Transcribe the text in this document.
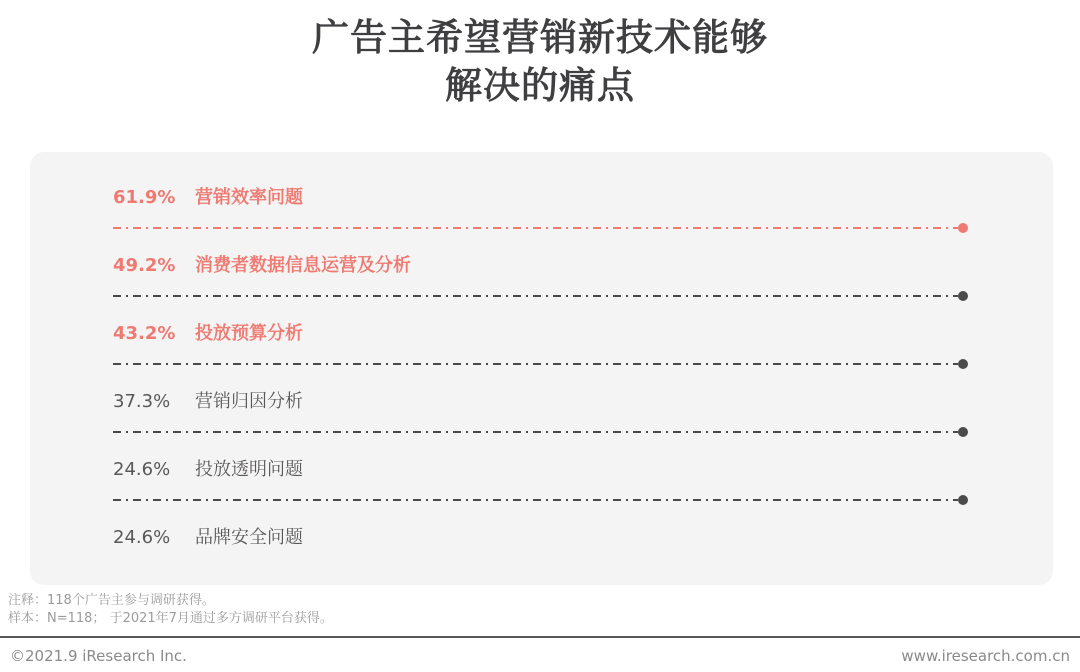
广告主希望营销新技术能够
解决的痛点
61.9%	营销效率问题
49.2%	消费者数据信息运营及分析
43.2%	投放预算分析
37.3%	营销归因分析
24.6%	投放透明问题
24.6%	品牌安全问题
注释：118个广告主参与调研获得。
样本：N=118； 于2021年7月通过多方调研平台获得。
©2021.9 iResearch Inc.	www.iresearch.com.cn
